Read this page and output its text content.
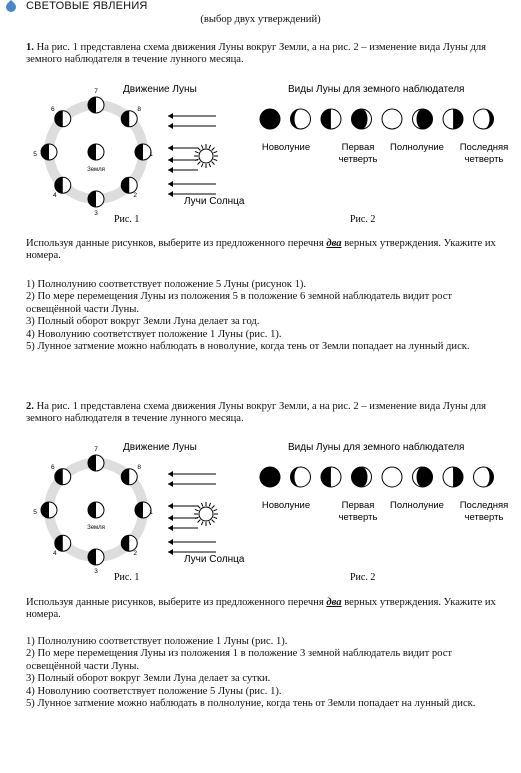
СВЕТОВЫЕ ЯВЛЕНИЯ
(выбор двух утверждений)
1. На рис. 1 представлена схема движения Луны вокруг Земли, а на рис. 2 – изменение вида Луны для земного наблюдателя в течение лунного месяца.
Движение Луны
Земля
1
2
3
4
5
6
7
8
Лучи Солнца
Рис. 1
Виды Луны для земного наблюдателя
Новолуние	Первая четверть
Полнолуние Последняя четверть
Рис. 2
Используя данные рисунков, выберите из предложенного перечня два верных утверждения. Укажите их номера.
1) Полнолунию соответствует положение 5 Луны (рисунок 1).
2) По мере перемещения Луны из положения 5 в положение 6 земной наблюдатель видит рост освещённой части Луны.
3) Полный оборот вокруг Земли Луна делает за год.
4) Новолунию соответствует положение 1 Луны (рис. 1).
5) Лунное затмение можно наблюдать в новолуние, когда тень от Земли попадает на лунный диск.
2. На рис. 1 представлена схема движения Луны вокруг Земли, а на рис. 2 – изменение вида Луны для земного наблюдателя в течение лунного месяца.
Движение Луны
Земля
1
2
3
4
5
6
7
8
Лучи Солнца
Рис. 1
Виды Луны для земного наблюдателя
Новолуние	Первая четверть
Полнолуние Последняя четверть
Рис. 2
Используя данные рисунков, выберите из предложенного перечня два верных утверждения. Укажите их номера.
1) Полнолунию соответствует положение 1 Луны (рис. 1).
2) По мере перемещения Луны из положения 1 в положение 3 земной наблюдатель видит рост освещённой части Луны.
3) Полный оборот вокруг Земли Луна делает за сутки.
4) Новолунию соответствует положение 5 Луны (рис. 1).
5) Лунное затмение можно наблюдать в полнолуние, когда тень от Земли попадает на лунный диск.
